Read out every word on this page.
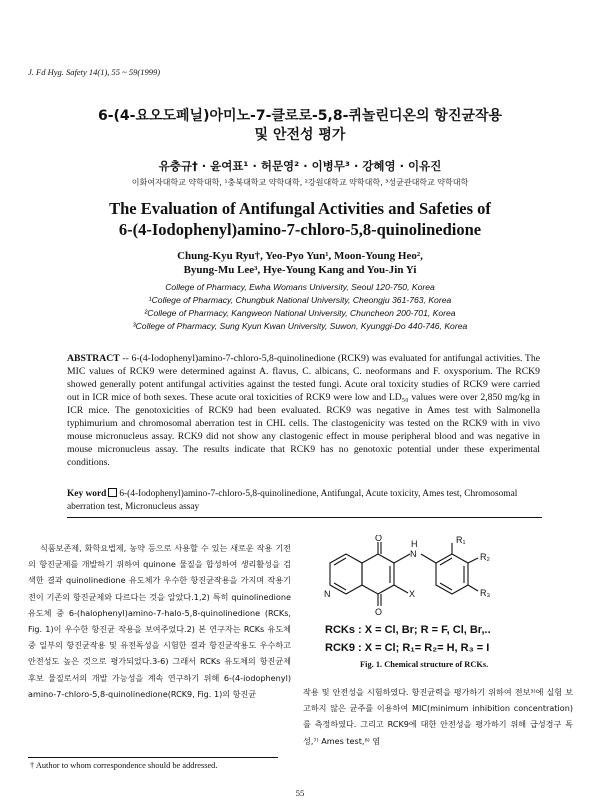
J. Fd Hyg. Safety 14(1), 55 ~ 59(1999)
6-(4-요오도페닐)아미노-7-클로로-5,8-퀴놀린디온의 항진균작용
및 안전성 평가
유충규† · 윤여표¹ · 허문영² · 이병무³ · 강혜영 · 이유진
이화여자대학교 약학대학, ¹충북대학교 약학대학, ²강원대학교 약학대학, ³성균관대학교 약학대학
The Evaluation of Antifungal Activities and Safeties of
6-(4-Iodophenyl)amino-7-chloro-5,8-quinolinedione
Chung-Kyu Ryu†, Yeo-Pyo Yun¹, Moon-Young Heo²,
Byung-Mu Lee³, Hye-Young Kang and You-Jin Yi
College of Pharmacy, Ewha Womans University, Seoul 120-750, Korea
¹College of Pharmacy, Chungbuk National University, Cheongju 361-763, Korea
²College of Pharmacy, Kangweon National University, Chuncheon 200-701, Korea
³College of Pharmacy, Sung Kyun Kwan University, Suwon, Kyunggi-Do 440-746, Korea
ABSTRACT -- 6-(4-Iodophenyl)amino-7-chloro-5,8-quinolinedione (RCK9) was evaluated for antifungal activities. The MIC values of RCK9 were determined against A. flavus, C. albicans, C. neoformans and F. oxysporium. The RCK9 showed generally potent antifungal activities against the tested fungi. Acute oral toxicity studies of RCK9 were carried out in ICR mice of both sexes. These acute oral toxicities of RCK9 were low and LD₅₀ values were over 2,850 mg/kg in ICR mice. The genotoxicities of RCK9 had been evaluated. RCK9 was negative in Ames test with Salmonella typhimurium and chromosomal aberration test in CHL cells. The clastogenicity was tested on the RCK9 with in vivo mouse micronucleus assay. RCK9 did not show any clastogenic effect in mouse peripheral blood and was negative in mouse micronucleus assay. The results indicate that RCK9 has no genotoxic potential under these experimental conditions.
Key word 6-(4-Iodophenyl)amino-7-chloro-5,8-quinolinedione, Antifungal, Acute toxicity, Ames test, Chromosomal aberration test, Micronucleus assay

식품보존제, 화학요법제, 농약 등으로 사용할 수 있는 새로운 작용 기전의 항진균제를 개발하기 위하여 quinone 물질을 합성하여 생리활성을 검색한 결과 quinolinedione 유도체가 우수한 항진균작용을 가지며 작용기전이 기존의 항진균제와 다르다는 것을 알았다.1,2) 특히 quinolinedione 유도체 중 6-(halophenyl)amino-7-halo-5,8-quinolinedione (RCKs, Fig. 1)이 우수한 항진균 작용을 보여주었다.2) 본 연구자는 RCKs 유도체 중 일부의 항진균작용 및 유전독성을 시험한 결과 항진균작용도 우수하고 안전성도 높은 것으로 평가되었다.3-6) 그래서 RCKs 유도체의 항진균제 후보 물질로서의 개발 가능성을 계속 연구하기 위해 6-(4-iodophenyl) amino-7-chloro-5,8-quinolinedione(RCK9, Fig. 1)의 항진균

N
O
O
N
H
X
R₁
R₂
R₃
RCKs : X = Cl, Br; R = F, Cl, Br,..
RCK9 : X = Cl; R₁= R₂= H, R₃ = I
Fig. 1. Chemical structure of RCKs.
작용 및 안전성을 시험하였다. 항진균력을 평가하기 위하여 전보³⁾에 실험 보고하지 않은 균주를 이용하여 MIC(minimum inhibition concentration)를 측정하였다. 그리고 RCK9에 대한 안전성을 평가하기 위해 급성경구 독성,⁷⁾ Ames test,⁸⁾ 염
† Author to whom correspondence should be addressed.
55
